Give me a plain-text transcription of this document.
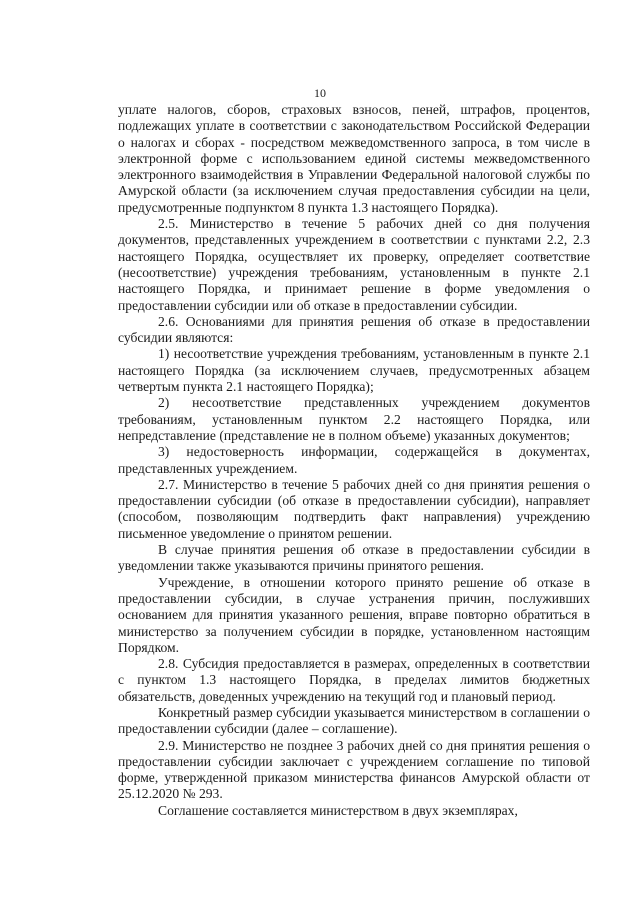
10

уплате налогов, сборов, страховых взносов, пеней, штрафов, процентов, подлежащих уплате в соответствии с законодательством Российской Федерации о налогах и сборах - посредством межведомственного запроса, в том числе в электронной форме с использованием единой системы межведомственного электронного взаимодействия в Управлении Федеральной налоговой службы по Амурской области (за исключением случая предоставления субсидии на цели, предусмотренные подпунктом 8 пункта 1.3 настоящего Порядка).

2.5. Министерство в течение 5 рабочих дней со дня получения документов, представленных учреждением в соответствии с пунктами 2.2, 2.3 настоящего Порядка, осуществляет их проверку, определяет соответствие (несоответствие) учреждения требованиям, установленным в пункте 2.1 настоящего Порядка, и принимает решение в форме уведомления о предоставлении субсидии или об отказе в предоставлении субсидии.

2.6. Основаниями для принятия решения об отказе в предоставлении субсидии являются:

1) несоответствие учреждения требованиям, установленным в пункте 2.1 настоящего Порядка (за исключением случаев, предусмотренных абзацем четвертым пункта 2.1 настоящего Порядка);

2) несоответствие представленных учреждением документов требованиям, установленным пунктом 2.2 настоящего Порядка, или непредставление (представление не в полном объеме) указанных документов;

3) недостоверность информации, содержащейся в документах, представленных учреждением.

2.7. Министерство в течение 5 рабочих дней со дня принятия решения о предоставлении субсидии (об отказе в предоставлении субсидии), направляет (способом, позволяющим подтвердить факт направления) учреждению письменное уведомление о принятом решении.

В случае принятия решения об отказе в предоставлении субсидии в уведомлении также указываются причины принятого решения.

Учреждение, в отношении которого принято решение об отказе в предоставлении субсидии, в случае устранения причин, послуживших основанием для принятия указанного решения, вправе повторно обратиться в министерство за получением субсидии в порядке, установленном настоящим Порядком.

2.8. Субсидия предоставляется в размерах, определенных в соответствии с пунктом 1.3 настоящего Порядка, в пределах лимитов бюджетных обязательств, доведенных учреждению на текущий год и плановый период.

Конкретный размер субсидии указывается министерством в соглашении о предоставлении субсидии (далее – соглашение).

2.9. Министерство не позднее 3 рабочих дней со дня принятия решения о предоставлении субсидии заключает с учреждением соглашение по типовой форме, утвержденной приказом министерства финансов Амурской области от 25.12.2020 № 293.

Соглашение составляется министерством в двух экземплярах,
